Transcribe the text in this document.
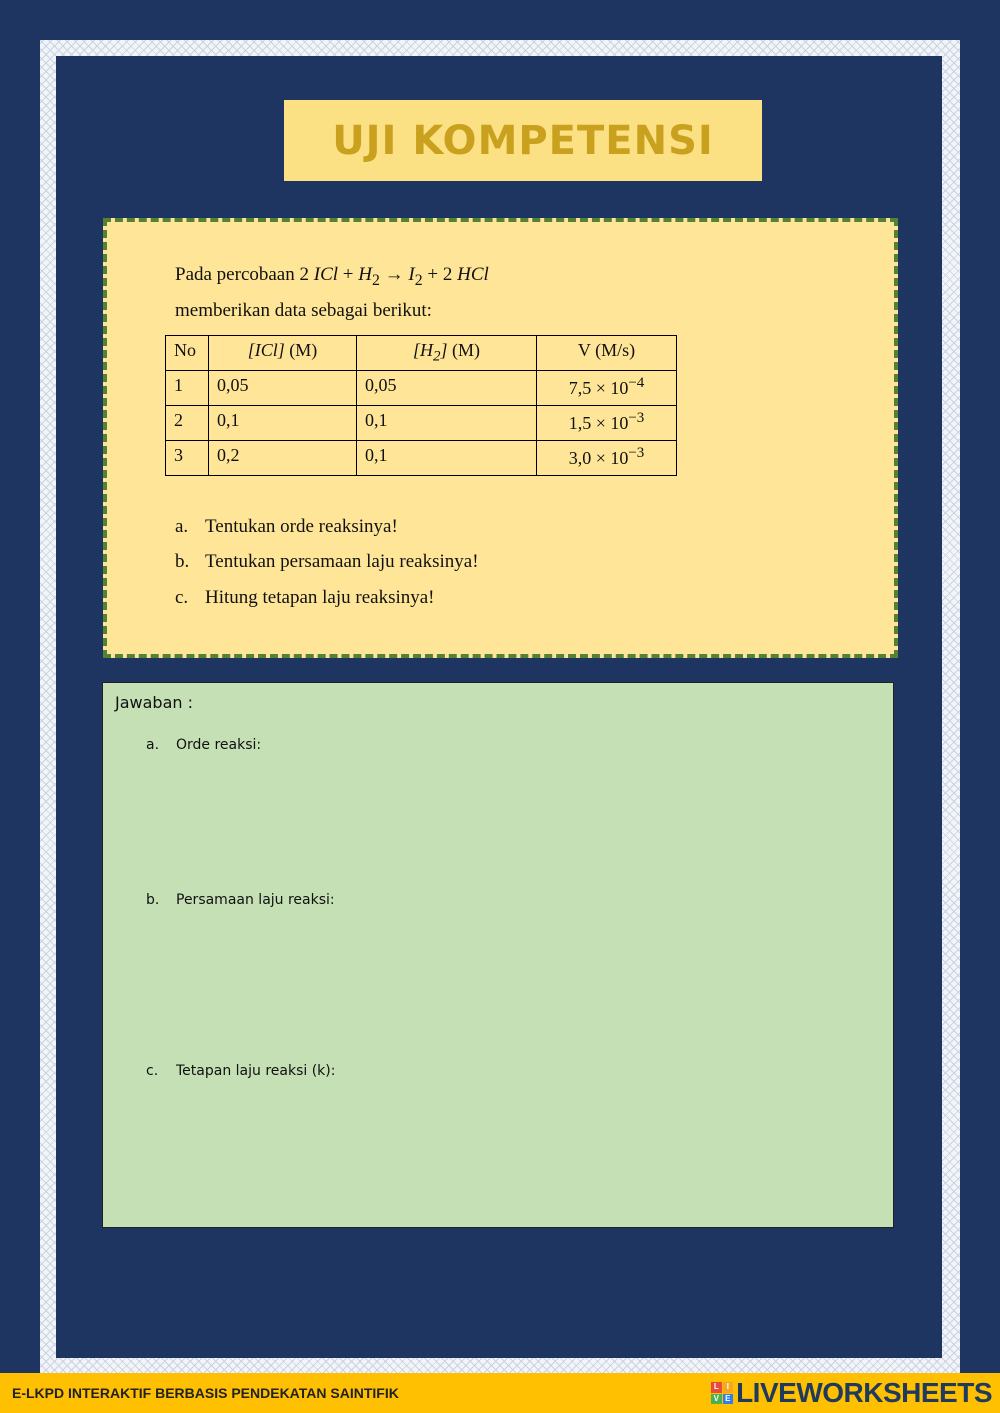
UJI KOMPETENSI
Pada percobaan 2 ICl + $H_2 \to I_2 + 2$ HCl
memberikan data sebagai berikut:
No	[ICl] (M)	$[H_2]$ (M)	V (M/s)
1	0,05	0,05	$7,5 \times 10^{-4}$
2	0,1	0,1	$1,5 \times 10^{-3}$
3	0,2	0,1	$3,0 \times 10^{-3}$
a. Tentukan orde reaksinya!
b. Tentukan persamaan laju reaksinya!
c. Hitung tetapan laju reaksinya!
Jawaban :
a. Orde reaksi:
b. Persamaan laju reaksi:
c. Tetapan laju reaksi (k):
E-LKPD INTERAKTIF BERBASIS PENDEKATAN SAINTIFIK	L I
V E LIVEWORKSHEETS
